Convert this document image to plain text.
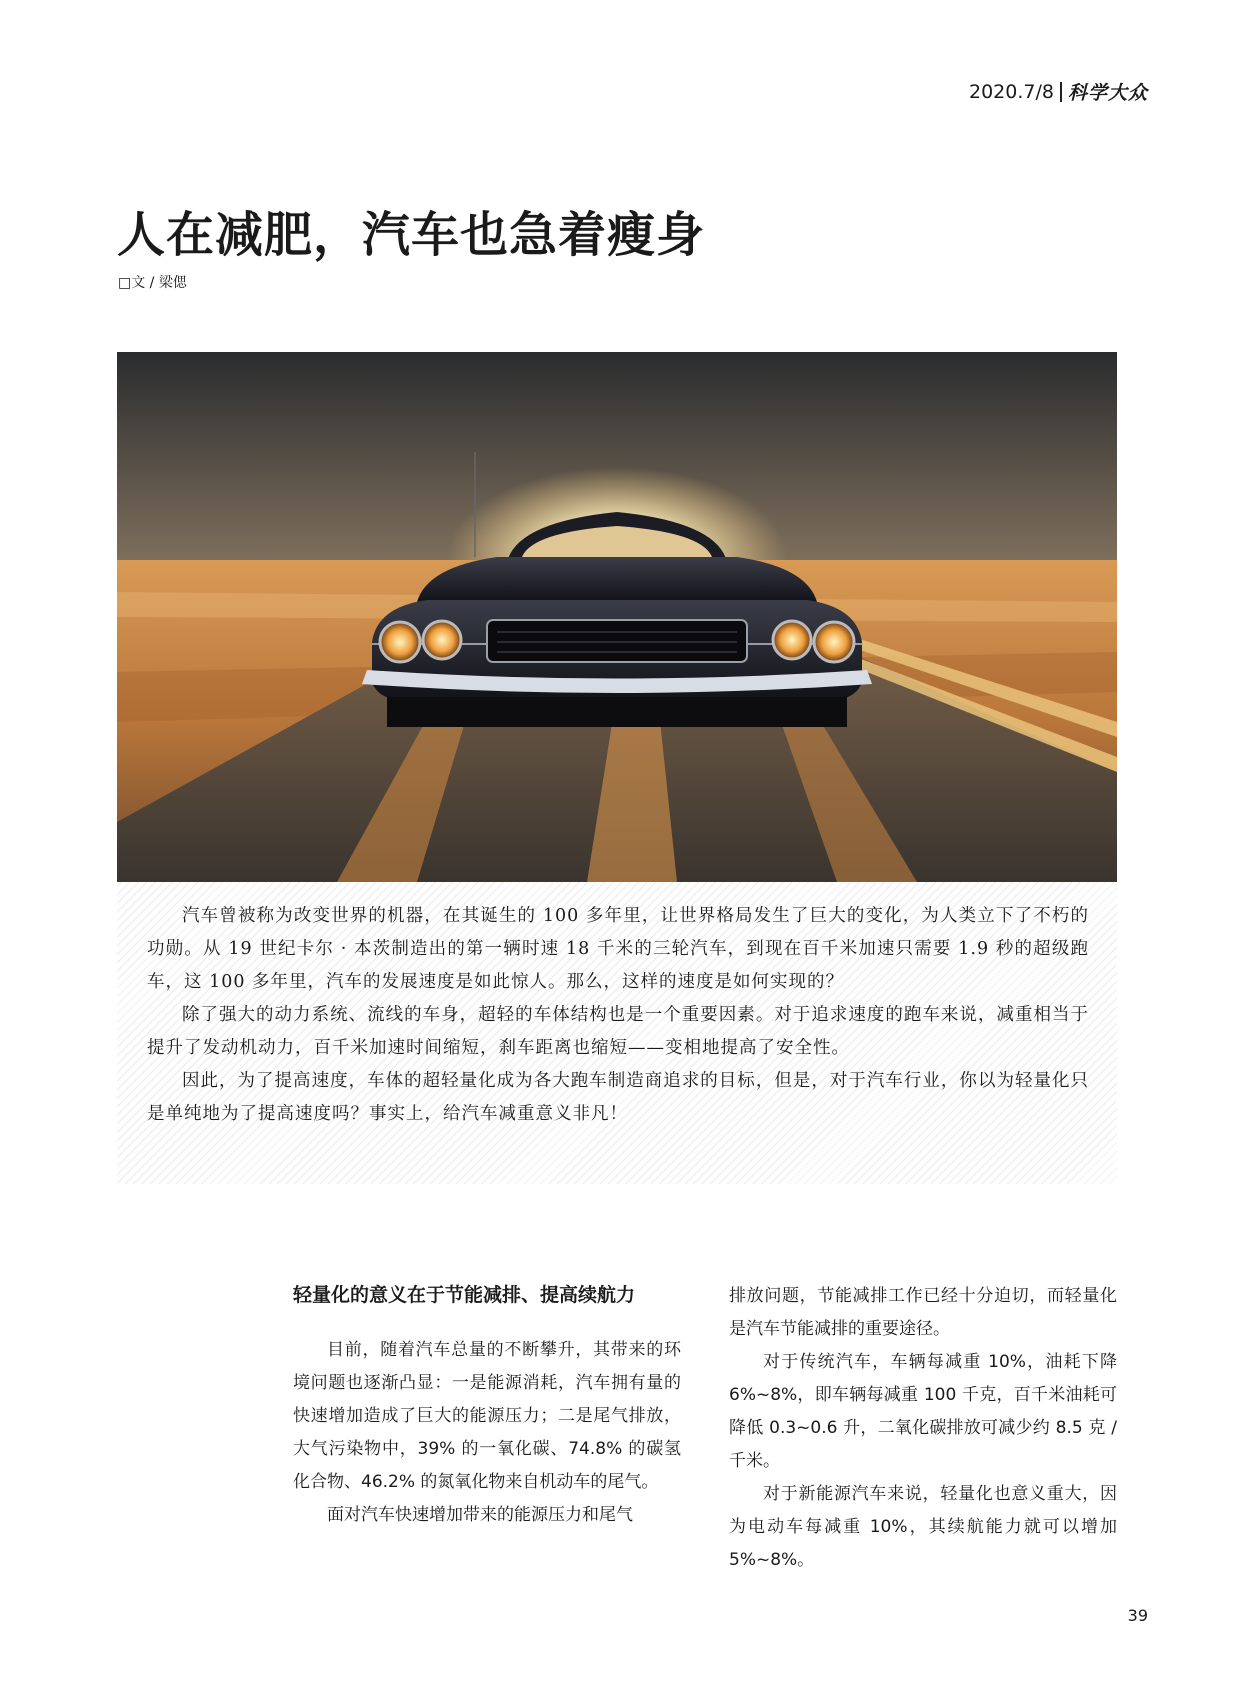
2020.7/8 科学大众
人在减肥，汽车也急着瘦身
□文 / 梁偲

汽车曾被称为改变世界的机器，在其诞生的 100 多年里，让世界格局发生了巨大的变化，为人类立下了不朽的功勋。从 19 世纪卡尔 · 本茨制造出的第一辆时速 18 千米的三轮汽车，到现在百千米加速只需要 1.9 秒的超级跑车，这 100 多年里，汽车的发展速度是如此惊人。那么，这样的速度是如何实现的？

除了强大的动力系统、流线的车身，超轻的车体结构也是一个重要因素。对于追求速度的跑车来说，减重相当于提升了发动机动力，百千米加速时间缩短，刹车距离也缩短——变相地提高了安全性。

因此，为了提高速度，车体的超轻量化成为各大跑车制造商追求的目标，但是，对于汽车行业，你以为轻量化只是单纯地为了提高速度吗？事实上，给汽车减重意义非凡！

轻量化的意义在于节能减排、提高续航力

目前，随着汽车总量的不断攀升，其带来的环境问题也逐渐凸显：一是能源消耗，汽车拥有量的快速增加造成了巨大的能源压力；二是尾气排放，大气污染物中，39% 的一氧化碳、74.8% 的碳氢化合物、46.2% 的氮氧化物来自机动车的尾气。

面对汽车快速增加带来的能源压力和尾气

排放问题，节能减排工作已经十分迫切，而轻量化是汽车节能减排的重要途径。

对于传统汽车，车辆每减重 10%，油耗下降 6%~8%，即车辆每减重 100 千克，百千米油耗可降低 0.3~0.6 升，二氧化碳排放可减少约 8.5 克 / 千米。

对于新能源汽车来说，轻量化也意义重大，因为电动车每减重 10%，其续航能力就可以增加 5%~8%。

39
